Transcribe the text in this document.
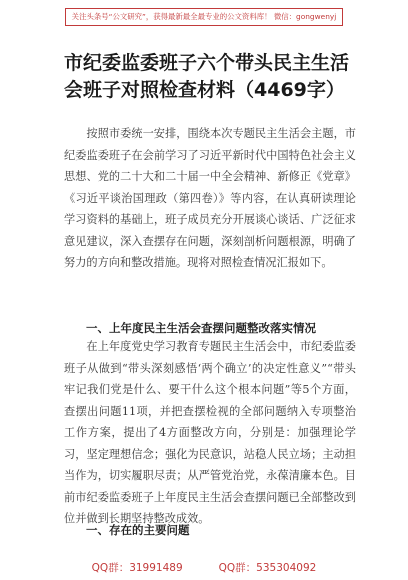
关注头条号“公文研究”，获得最新最全最专业的公文资料库！ 微信：gongwenyj
市纪委监委班子六个带头民主生活会班子对照检查材料（4469字）

按照市委统一安排，围绕本次专题民主生活会主题，市纪委监委班子在会前学习了习近平新时代中国特色社会主义思想、党的二十大和二十届一中全会精神、新修正《党章》《习近平谈治国理政（第四卷）》等内容，在认真研读理论学习资料的基础上，班子成员充分开展谈心谈话、广泛征求意见建议，深入查摆存在问题，深刻剖析问题根源，明确了努力的方向和整改措施。现将对照检查情况汇报如下。

一、上年度民主生活会查摆问题整改落实情况

在上年度党史学习教育专题民主生活会中，市纪委监委班子从做到“带头深刻感悟‘两个确立’的决定性意义”“带头牢记我们党是什么、要干什么这个根本问题”等5个方面，查摆出问题11项，并把查摆检视的全部问题纳入专项整治工作方案，提出了4方面整改方向，分别是：加强理论学习，坚定理想信念；强化为民意识，站稳人民立场；主动担当作为，切实履职尽责；从严管党治党，永葆清廉本色。目前市纪委监委班子上年度民主生活会查摆问题已全部整改到位并做到长期坚持整改成效。

一、存在的主要问题
QQ群：31991489	QQ群：535304092
